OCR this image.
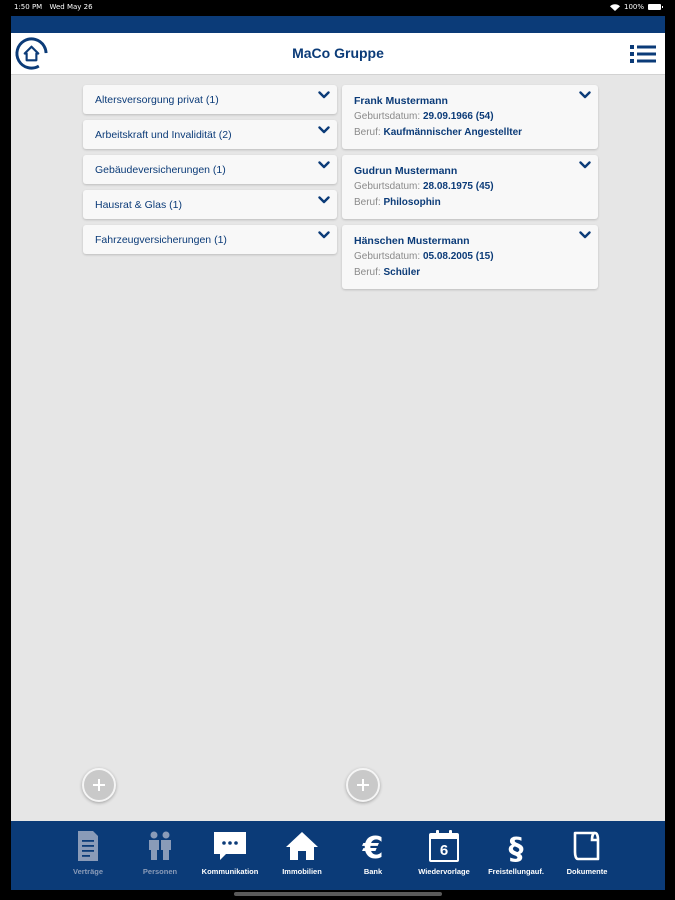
1:50 PM Wed May 26	100%
MaCo Gruppe
Altersversorgung privat (1)
Arbeitskraft und Invalidität (2)
Gebäudeversicherungen (1)
Hausrat & Glas (1)
Fahrzeugversicherungen (1)
Frank Mustermann
Geburtsdatum: 29.09.1966 (54)
Beruf: Kaufmännischer Angestellter
Gudrun Mustermann
Geburtsdatum: 28.08.1975 (45)
Beruf: Philosophin
Hänschen Mustermann
Geburtsdatum: 05.08.2005 (15)
Beruf: Schüler
Verträge	Personen	Kommunikation	Immobilien
€
Bank
6
Wiedervorlage
§
Freistellungauf.	Dokumente
